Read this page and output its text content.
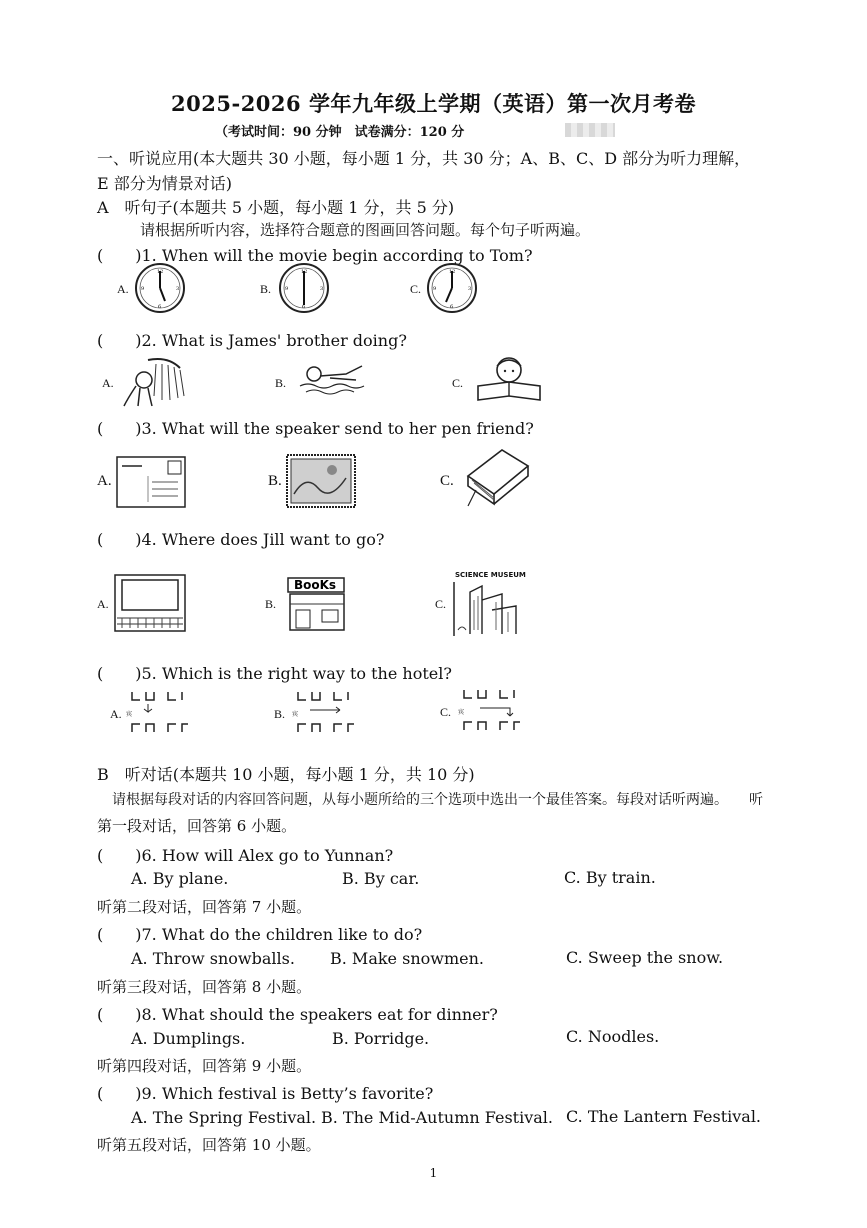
2025-2026 学年九年级上学期（英语）第一次月考卷
（考试时间：90 分钟　试卷满分：120 分
一、听说应用(本大题共 30 小题，每小题 1 分，共 30 分；A、B、C、D 部分为听力理解，
E 部分为情景对话)
A　听句子(本题共 5 小题，每小题 1 分，共 5 分)
请根据所听内容，选择符合题意的图画回答问题。每个句子听两遍。
(　　)1. When will the movie begin according to Tom?
A.	B.	C.
12
3
6
9
12
3
6
9
12
3
6
9
(　　)2. What is James' brother doing?
A.	B.	C.
(　　)3. What will the speaker send to her pen friend?
A.	B.	C.
(　　)4. Where does Jill want to go?
A.	B.	C.
BooKs
SCIENCE MUSEUM
(　　)5. Which is the right way to the hotel?
A.	B.	C.
宾	宾	宾
B　听对话(本题共 10 小题，每小题 1 分，共 10 分)
请根据每段对话的内容回答问题，从每小题所给的三个选项中选出一个最佳答案。每段对话听两遍。　　听
第一段对话，回答第 6 小题。
(　　)6. How will Alex go to Yunnan?
A. By plane.	B. By car.	C. By train.
听第二段对话，回答第 7 小题。
(　　)7. What do the children like to do?
A. Throw snowballs. B. Make snowmen.	C. Sweep the snow.
听第三段对话，回答第 8 小题。
(　　)8. What should the speakers eat for dinner?
A. Dumplings.	B. Porridge.	C. Noodles.
听第四段对话，回答第 9 小题。
(　　)9. Which festival is Betty’s favorite?
A. The Spring Festival. B. The Mid-Autumn Festival. C. The Lantern Festival.
听第五段对话，回答第 10 小题。
1
